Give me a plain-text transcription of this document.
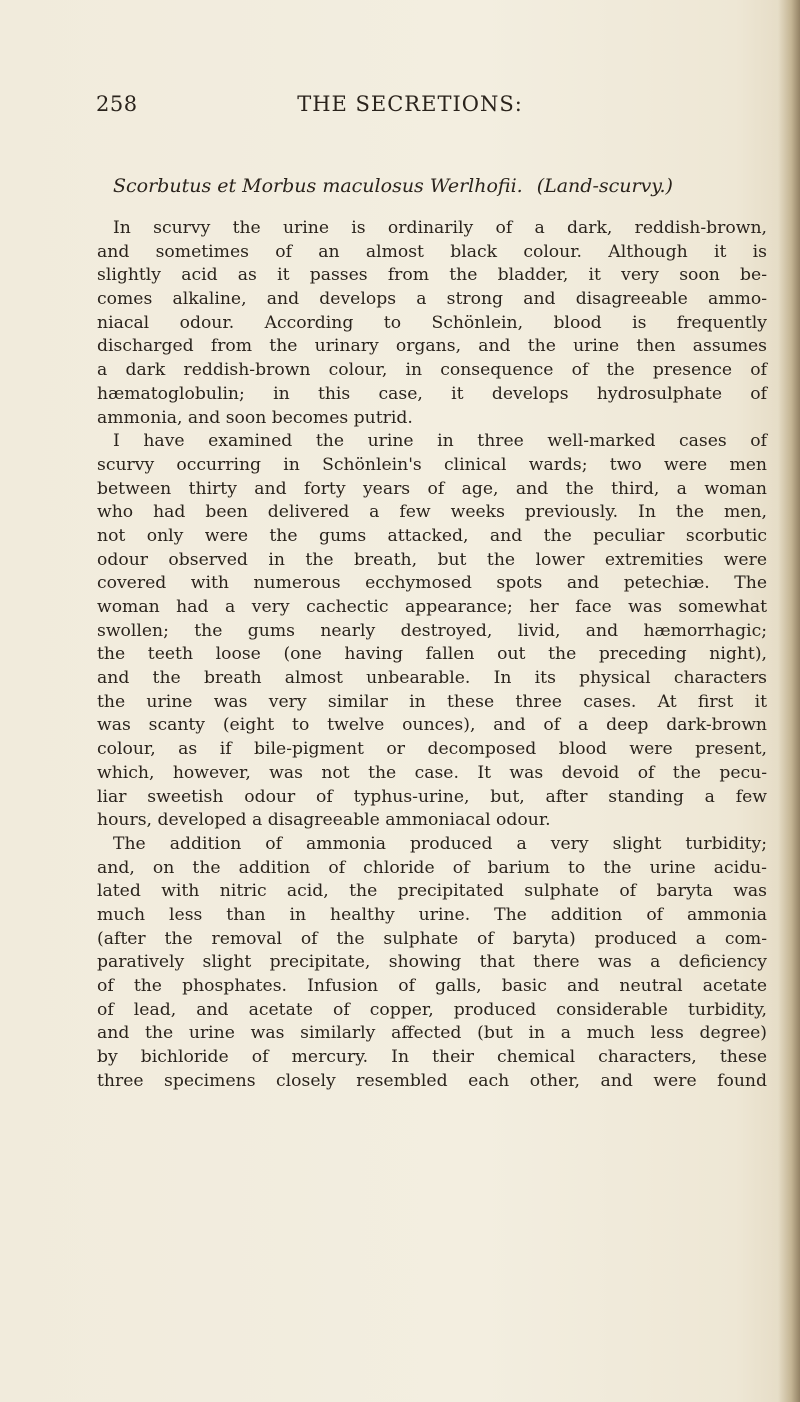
258	THE SECRETIONS:
Scorbutus et Morbus maculosus Werlhofii. (Land-scurvy.)
In scurvy the urine is ordinarily of a dark, reddish-brown,
and sometimes of an almost black colour. Although it is
slightly acid as it passes from the bladder, it very soon be-
comes alkaline, and develops a strong and disagreeable ammo-
niacal odour. According to Schönlein, blood is frequently
discharged from the urinary organs, and the urine then assumes
a dark reddish-brown colour, in consequence of the presence of
hæmatoglobulin; in this case, it develops hydrosulphate of
ammonia, and soon becomes putrid.
I have examined the urine in three well-marked cases of
scurvy occurring in Schönlein's clinical wards; two were men
between thirty and forty years of age, and the third, a woman
who had been delivered a few weeks previously. In the men,
not only were the gums attacked, and the peculiar scorbutic
odour observed in the breath, but the lower extremities were
covered with numerous ecchymosed spots and petechiæ. The
woman had a very cachectic appearance; her face was somewhat
swollen; the gums nearly destroyed, livid, and hæmorrhagic;
the teeth loose (one having fallen out the preceding night),
and the breath almost unbearable. In its physical characters
the urine was very similar in these three cases. At first it
was scanty (eight to twelve ounces), and of a deep dark-brown
colour, as if bile-pigment or decomposed blood were present,
which, however, was not the case. It was devoid of the pecu-
liar sweetish odour of typhus-urine, but, after standing a few
hours, developed a disagreeable ammoniacal odour.
The addition of ammonia produced a very slight turbidity;
and, on the addition of chloride of barium to the urine acidu-
lated with nitric acid, the precipitated sulphate of baryta was
much less than in healthy urine. The addition of ammonia
(after the removal of the sulphate of baryta) produced a com-
paratively slight precipitate, showing that there was a deficiency
of the phosphates. Infusion of galls, basic and neutral acetate
of lead, and acetate of copper, produced considerable turbidity,
and the urine was similarly affected (but in a much less degree)
by bichloride of mercury. In their chemical characters, these
three specimens closely resembled each other, and were found
